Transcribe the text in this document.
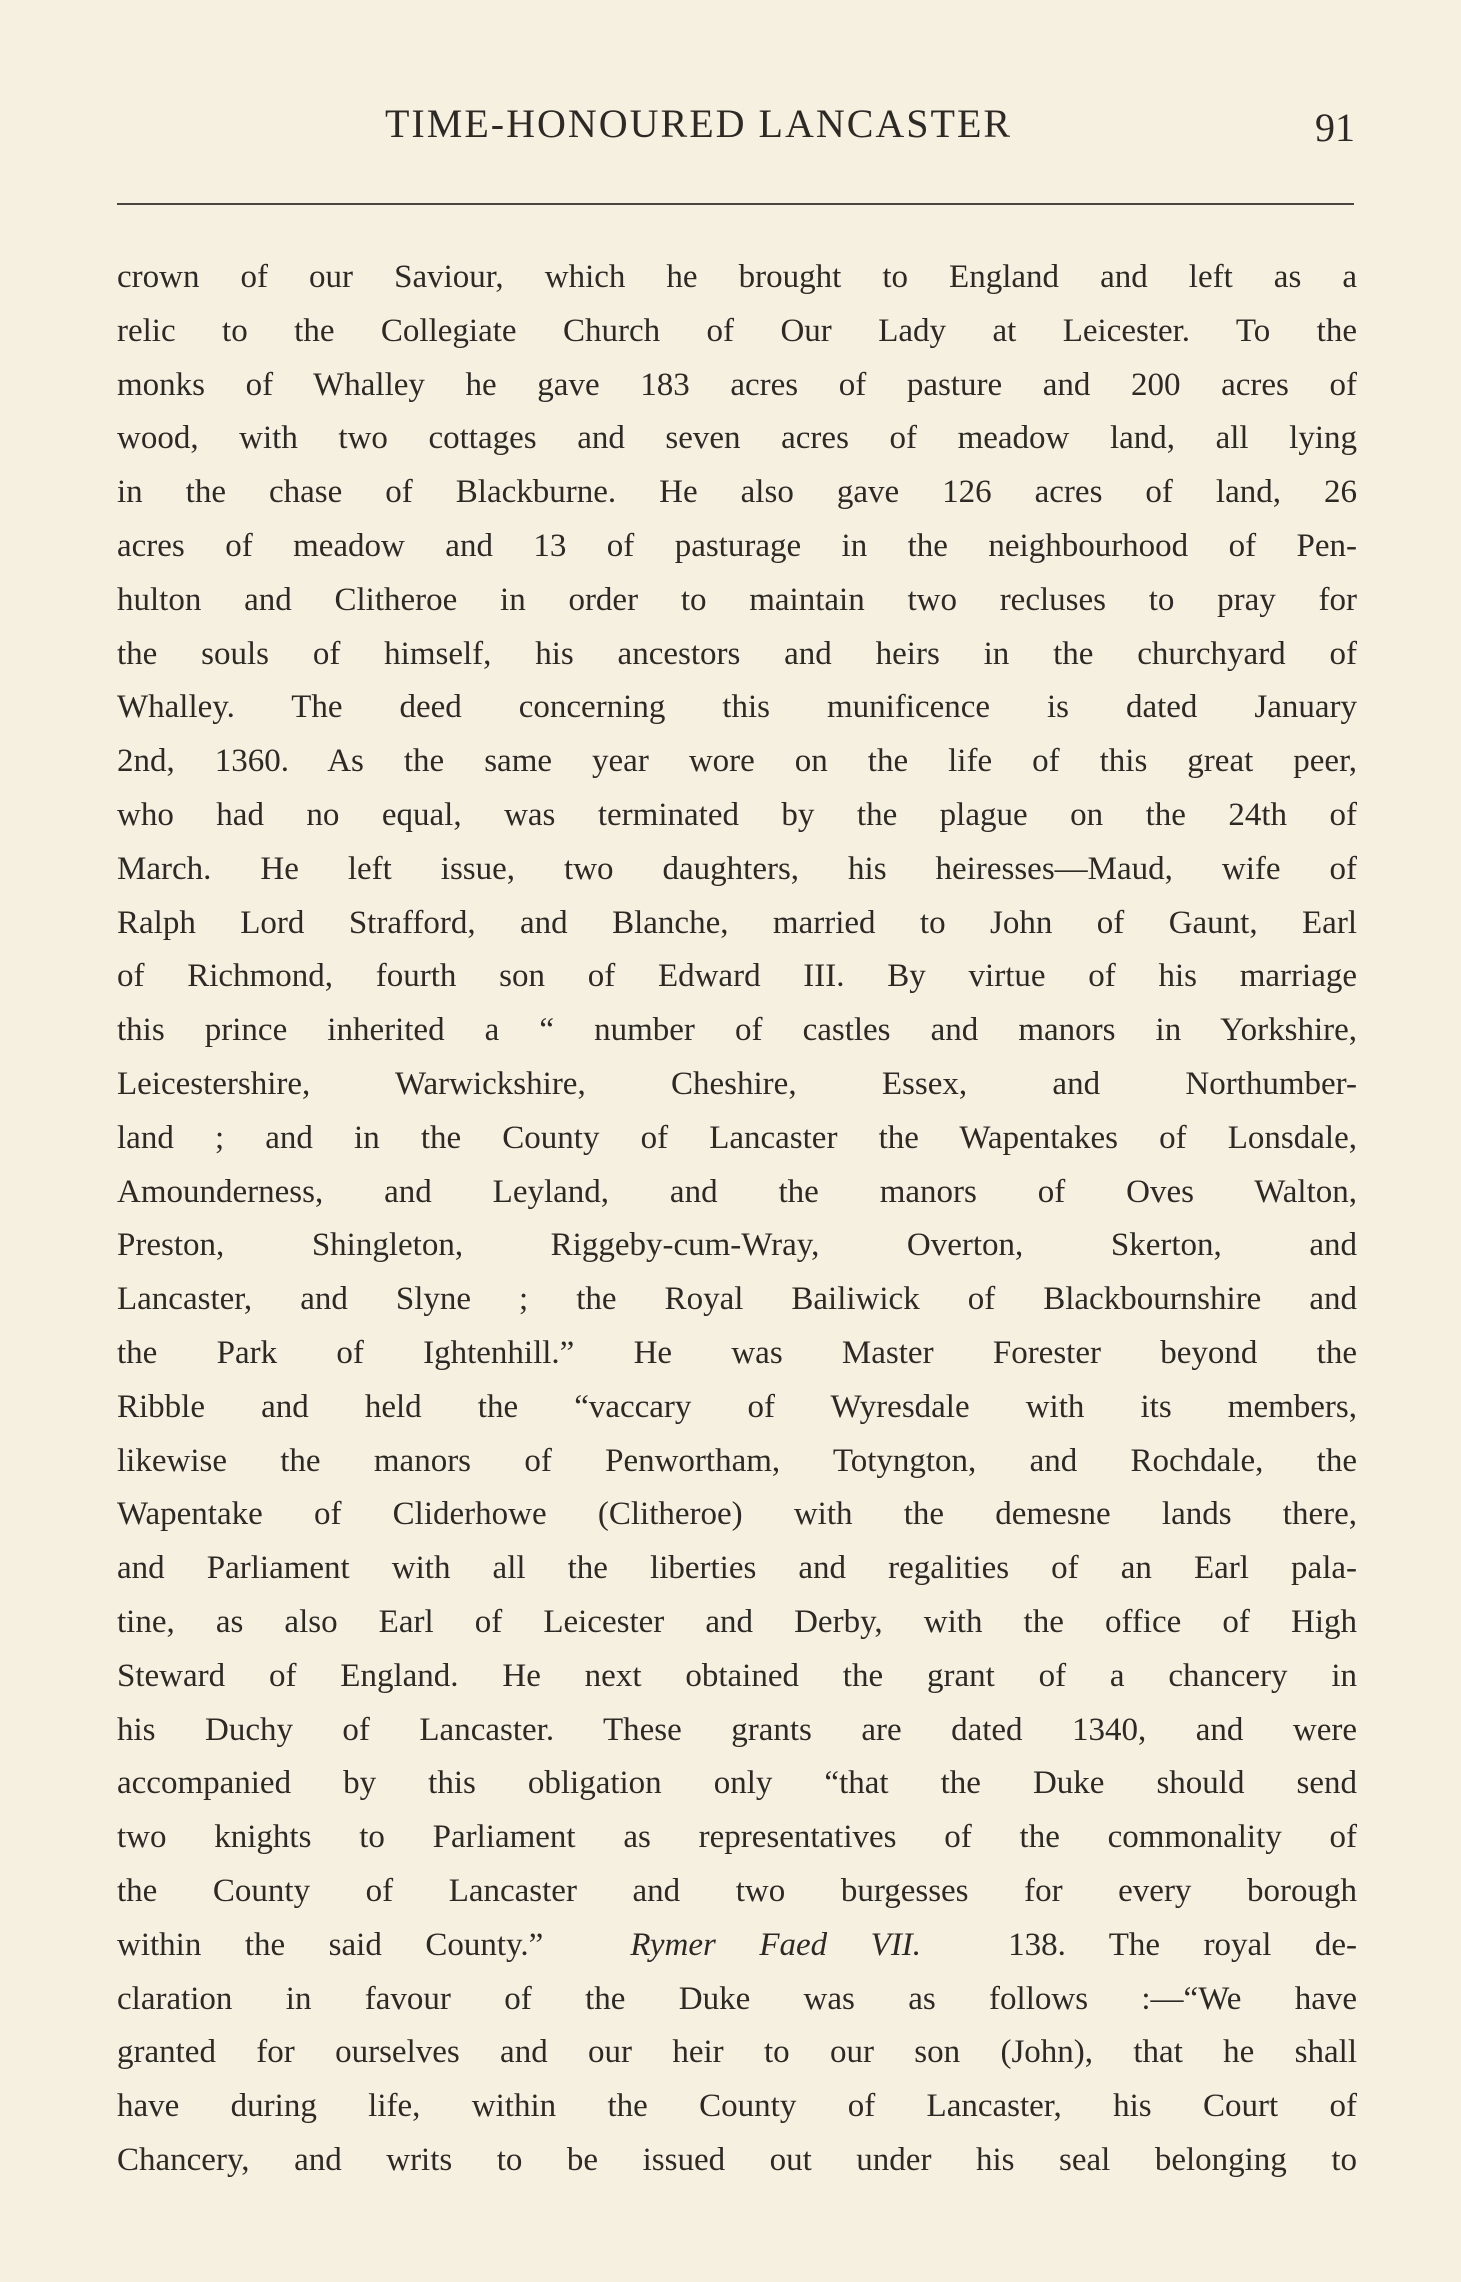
TIME-HONOURED LANCASTER	91
crown of our Saviour, which he brought to England and left as a
relic to the Collegiate Church of Our Lady at Leicester. To the
monks of Whalley he gave 183 acres of pasture and 200 acres of
wood, with two cottages and seven acres of meadow land, all lying
in the chase of Blackburne. He also gave 126 acres of land, 26
acres of meadow and 13 of pasturage in the neighbourhood of Pen-
hulton and Clitheroe in order to maintain two recluses to pray for
the souls of himself, his ancestors and heirs in the churchyard of
Whalley. The deed concerning this munificence is dated January
2nd, 1360. As the same year wore on the life of this great peer,
who had no equal, was terminated by the plague on the 24th of
March. He left issue, two daughters, his heiresses—Maud, wife of
Ralph Lord Strafford, and Blanche, married to John of Gaunt, Earl
of Richmond, fourth son of Edward III. By virtue of his marriage
this prince inherited a “ number of castles and manors in Yorkshire,
Leicestershire, Warwickshire, Cheshire, Essex, and Northumber-
land ; and in the County of Lancaster the Wapentakes of Lonsdale,
Amounderness, and Leyland, and the manors of Oves Walton,
Preston, Shingleton, Riggeby-cum-Wray, Overton, Skerton, and
Lancaster, and Slyne ; the Royal Bailiwick of Blackbournshire and
the Park of Ightenhill.” He was Master Forester beyond the
Ribble and held the “vaccary of Wyresdale with its members,
likewise the manors of Penwortham, Totyngton, and Rochdale, the
Wapentake of Cliderhowe (Clitheroe) with the demesne lands there,
and Parliament with all the liberties and regalities of an Earl pala-
tine, as also Earl of Leicester and Derby, with the office of High
Steward of England. He next obtained the grant of a chancery in
his Duchy of Lancaster. These grants are dated 1340, and were
accompanied by this obligation only “that the Duke should send
two knights to Parliament as representatives of the commonality of
the County of Lancaster and two burgesses for every borough
within the said County.”	Rymer Faed VII.	138. The royal de-
claration in favour of the Duke was as follows :—“We have
granted for ourselves and our heir to our son (John), that he shall
have during life, within the County of Lancaster, his Court of
Chancery, and writs to be issued out under his seal belonging to
